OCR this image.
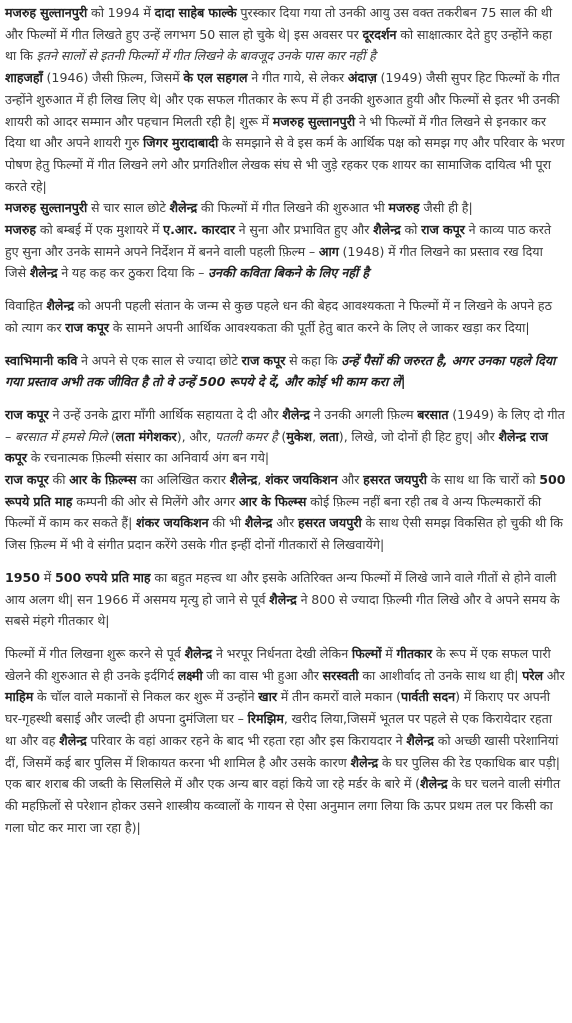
मजरुह सुल्तानपुरी को 1994 में दादा साहेब फाल्के पुरस्कार दिया गया तो उनकी आयु उस वक्त तकरीबन 75 साल की थी और फिल्मों में गीत लिखते हुए उन्हें लगभग 50 साल हो चुके थे| इस अवसर पर दूरदर्शन को साक्षात्कार देते हुए उन्होंने कहा था कि इतने सालों से इतनी फिल्मों में गीत लिखने के बावजूद उनके पास कार नहीं है

शाहजहाँ (1946) जैसी फ़िल्म, जिसमें के एल सहगल ने गीत गाये, से लेकर अंदाज़ (1949) जैसी सुपर हिट फिल्मों के गीत उन्होंने शुरुआत में ही लिख लिए थे| और एक सफल गीतकार के रूप में ही उनकी शुरुआत हुयी और फिल्मों से इतर भी उनकी शायरी को आदर सम्मान और पहचान मिलती रही है| शुरू में मजरुह सुल्तानपुरी ने भी फिल्मों में गीत लिखने से इनकार कर दिया था और अपने शायरी गुरु जिगर मुरादाबादी के समझाने से वे इस कर्म के आर्थिक पक्ष को समझ गए और परिवार के भरण पोषण हेतु फिल्मों में गीत लिखने लगे और प्रगतिशील लेखक संघ से भी जुड़े रहकर एक शायर का सामाजिक दायित्व भी पूरा करते रहे|

मजरुह सुल्तानपुरी से चार साल छोटे शैलेन्द्र की फिल्मों में गीत लिखने की शुरुआत भी मजरुह जैसी ही है|

मजरुह को बम्बई में एक मुशायरे में ए.आर. कारदार ने सुना और प्रभावित हुए और शैलेन्द्र को राज कपूर ने काव्य पाठ करते हुए सुना और उनके सामने अपने निर्देशन में बनने वाली पहली फ़िल्म – आग (1948) में गीत लिखने का प्रस्ताव रख दिया जिसे शैलेन्द्र ने यह कह कर ठुकरा दिया कि – उनकी कविता बिकने के लिए नहीं है

विवाहित शैलेन्द्र को अपनी पहली संतान के जन्म से कुछ पहले धन की बेहद आवश्यकता ने फिल्मों में न लिखने के अपने हठ को त्याग कर राज कपूर के सामने अपनी आर्थिक आवश्यकता की पूर्ती हेतु बात करने के लिए ले जाकर खड़ा कर दिया|

स्वाभिमानी कवि ने अपने से एक साल से ज्यादा छोटे राज कपूर से कहा कि उन्हें पैसों की जरुरत है, अगर उनका पहले दिया गया प्रस्ताव अभी तक जीवित है तो वे उन्हें 500 रूपये दे दें, और कोई भी काम करा लें|

राज कपूर ने उन्हें उनके द्वारा माँगी आर्थिक सहायता दे दी और शैलेन्द्र ने उनकी अगली फ़िल्म बरसात (1949) के लिए दो गीत – बरसात में हमसे मिले (लता मंगेशकर), और, पतली कमर है (मुकेश, लता), लिखे, जो दोनों ही हिट हुए| और शैलेन्द्र राज कपूर के रचनात्मक फ़िल्मी संसार का अनिवार्य अंग बन गये|

राज कपूर की आर के फ़िल्म्स का अलिखित करार शैलेन्द्र, शंकर जयकिशन और हसरत जयपुरी के साथ था कि चारों को 500 रूपये प्रति माह कम्पनी की ओर से मिलेंगे और अगर आर के फिल्म्स कोई फ़िल्म नहीं बना रही तब वे अन्य फिल्मकारों की फिल्मों में काम कर सकते हैं| शंकर जयकिशन की भी शैलेन्द्र और हसरत जयपुरी के साथ ऐसी समझ विकसित हो चुकी थी कि जिस फ़िल्म में भी वे संगीत प्रदान करेंगे उसके गीत इन्हीं दोनों गीतकारों से लिखवायेंगे|

1950 में 500 रुपये प्रति माह का बहुत महत्त्व था और इसके अतिरिक्त अन्य फिल्मों में लिखे जाने वाले गीतों से होने वाली आय अलग थी| सन 1966 में असमय मृत्यु हो जाने से पूर्व शैलेन्द्र ने 800 से ज्यादा फ़िल्मी गीत लिखे और वे अपने समय के सबसे मंहगे गीतकार थे|

फिल्मों में गीत लिखना शुरू करने से पूर्व शैलेन्द्र ने भरपूर निर्धनता देखी लेकिन फिल्मों में गीतकार के रूप में एक सफल पारी खेलने की शुरुआत से ही उनके इर्दगिर्द लक्ष्मी जी का वास भी हुआ और सरस्वती का आशीर्वाद तो उनके साथ था ही| परेल और माहिम के चॉल वाले मकानों से निकल कर शुरू में उन्होंने खार में तीन कमरों वाले मकान (पार्वती सदन) में किराए पर अपनी घर-गृहस्थी बसाई और जल्दी ही अपना दुमंजिला घर – रिमझिम, खरीद लिया,जिसमें भूतल पर पहले से एक किरायेदार रहता था और वह शैलेन्द्र परिवार के वहां आकर रहने के बाद भी रहता रहा और इस किरायदार ने शैलेन्द्र को अच्छी खासी परेशानियां दीं, जिसमें कई बार पुलिस में शिकायत करना भी शामिल है और उसके कारण शैलेन्द्र के घर पुलिस की रेड एकाधिक बार पड़ी| एक बार शराब की जब्ती के सिलसिले में और एक अन्य बार वहां किये जा रहे मर्डर के बारे में (शैलेन्द्र के घर चलने वाली संगीत की महफ़िलों से परेशान होकर उसने शास्त्रीय कव्वालों के गायन से ऐसा अनुमान लगा लिया कि ऊपर प्रथम तल पर किसी का गला घोट कर मारा जा रहा है)|
